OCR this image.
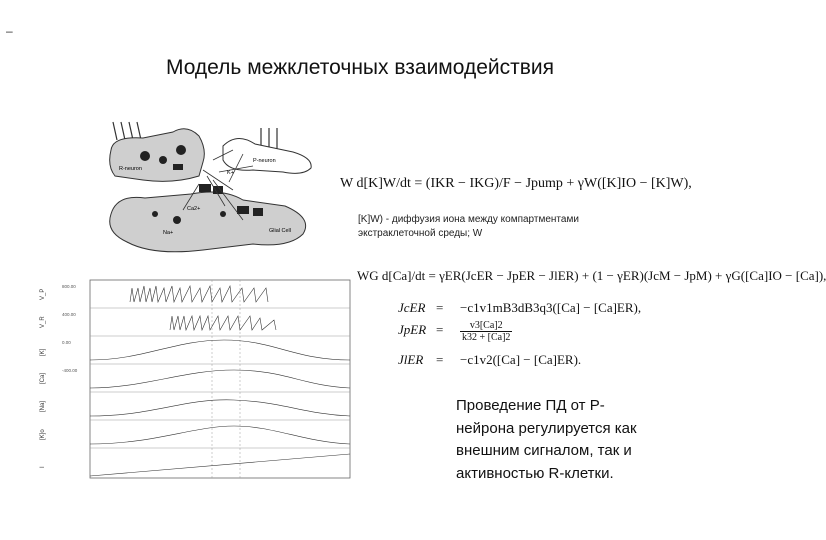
–
Модель межклеточных взаимодействия
Ca2+
K+
Na+	Glial Cell
P-neuron
R-neuron
W d[K]W/dt = (IKR − IKG)/F − Jpump + γW([K]IO − [K]W),
[K]W) - диффузия иона между компартментами
экстраклеточной среды; W
WG d[Ca]/dt = γER(JcER − JpER − JlER) + (1 − γER)(JcM − JpM) + γG([Ca]IO − [Ca]),
JcER = −c1v1mB3dB3q3([Ca] − [Ca]ER),
JpER = $\frac{v3[Ca]2}{k32 + [Ca]2}$
JlER = −c1v2([Ca] − [Ca]ER).
800.00
400.00
0.00
-400.00
V_P
V_R
[K]
[Ca]
[Na]
[K]o
I
Проведение ПД от P-нейрона регулируется как внешним сигналом, так и активностью R-клетки.
